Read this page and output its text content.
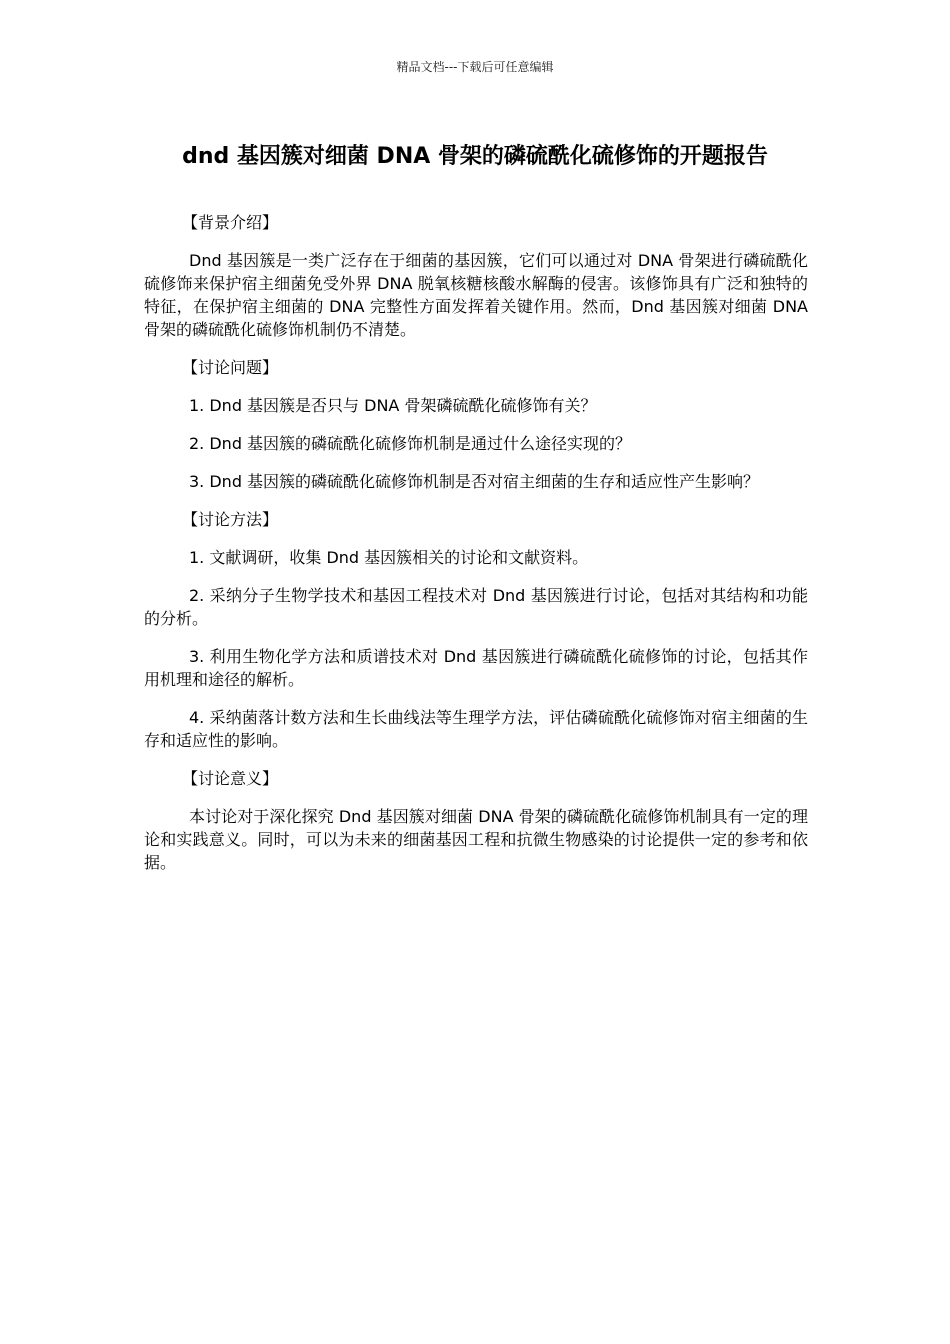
精品文档---下载后可任意编辑
dnd 基因簇对细菌 DNA 骨架的磷硫酰化硫修饰的开题报告
【背景介绍】
Dnd 基因簇是一类广泛存在于细菌的基因簇，它们可以通过对 DNA 骨架进行磷硫酰化硫修饰来保护宿主细菌免受外界 DNA 脱氧核糖核酸水解酶的侵害。该修饰具有广泛和独特的特征，在保护宿主细菌的 DNA 完整性方面发挥着关键作用。然而，Dnd 基因簇对细菌 DNA 骨架的磷硫酰化硫修饰机制仍不清楚。
【讨论问题】
1. Dnd 基因簇是否只与 DNA 骨架磷硫酰化硫修饰有关？
2. Dnd 基因簇的磷硫酰化硫修饰机制是通过什么途径实现的？
3. Dnd 基因簇的磷硫酰化硫修饰机制是否对宿主细菌的生存和适应性产生影响？
【讨论方法】
1. 文献调研，收集 Dnd 基因簇相关的讨论和文献资料。
2. 采纳分子生物学技术和基因工程技术对 Dnd 基因簇进行讨论，包括对其结构和功能的分析。
3. 利用生物化学方法和质谱技术对 Dnd 基因簇进行磷硫酰化硫修饰的讨论，包括其作用机理和途径的解析。
4. 采纳菌落计数方法和生长曲线法等生理学方法，评估磷硫酰化硫修饰对宿主细菌的生存和适应性的影响。
【讨论意义】
本讨论对于深化探究 Dnd 基因簇对细菌 DNA 骨架的磷硫酰化硫修饰机制具有一定的理论和实践意义。同时，可以为未来的细菌基因工程和抗微生物感染的讨论提供一定的参考和依据。
